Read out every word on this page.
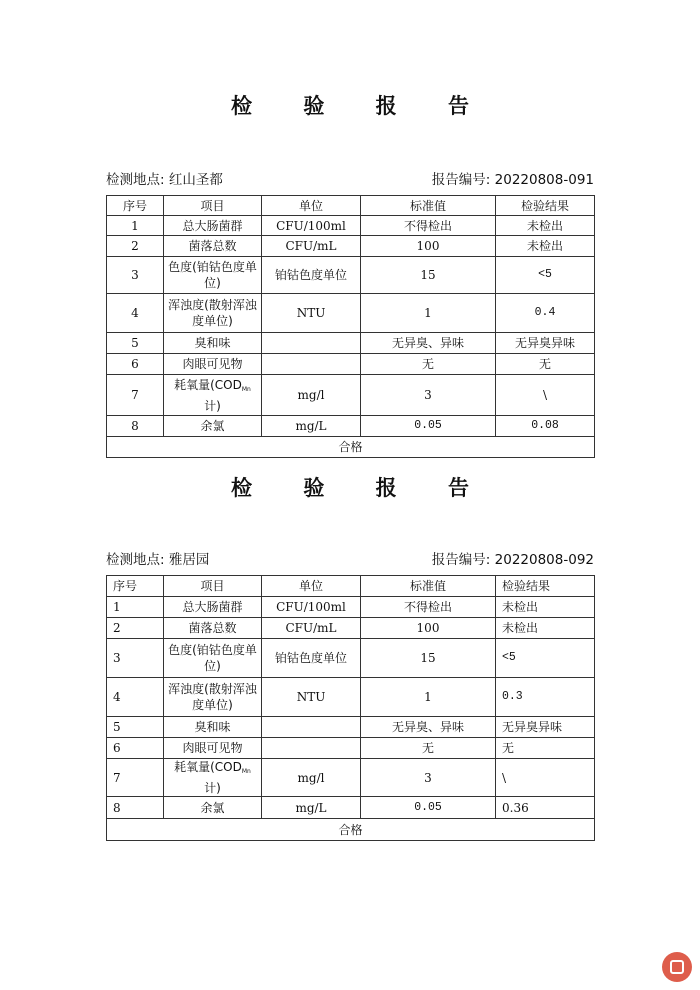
检 验 报 告
检测地点: 红山圣都	报告编号: 20220808-091
序号	项目	单位	标准值	检验结果
1	总大肠菌群	CFU/100ml	不得检出	未检出
2	菌落总数	CFU/mL	100	未检出
3	色度(铂钴色度单位)	铂钴色度单位	15	<5
4	浑浊度(散射浑浊度单位)	NTU	1	0.4
5	臭和味		无异臭、异味	无异臭异味
6	肉眼可见物		无	无
7	耗氧量($COD_{Mn}$计)	mg/l	3	\
8	余氯	mg/L	0.05	0.08
合格				
检 验 报 告
检测地点: 雅居园	报告编号: 20220808-092
序号	项目	单位	标准值	检验结果
1	总大肠菌群	CFU/100ml	不得检出	未检出
2	菌落总数	CFU/mL	100	未检出
3	色度(铂钴色度单位)	铂钴色度单位	15	<5
4	浑浊度(散射浑浊度单位)	NTU	1	0.3
5	臭和味		无异臭、异味	无异臭异味
6	肉眼可见物		无	无
7	耗氧量($COD_{Mn}$计)	mg/l	3	\
8	余氯	mg/L	0.05	0.36
合格				
